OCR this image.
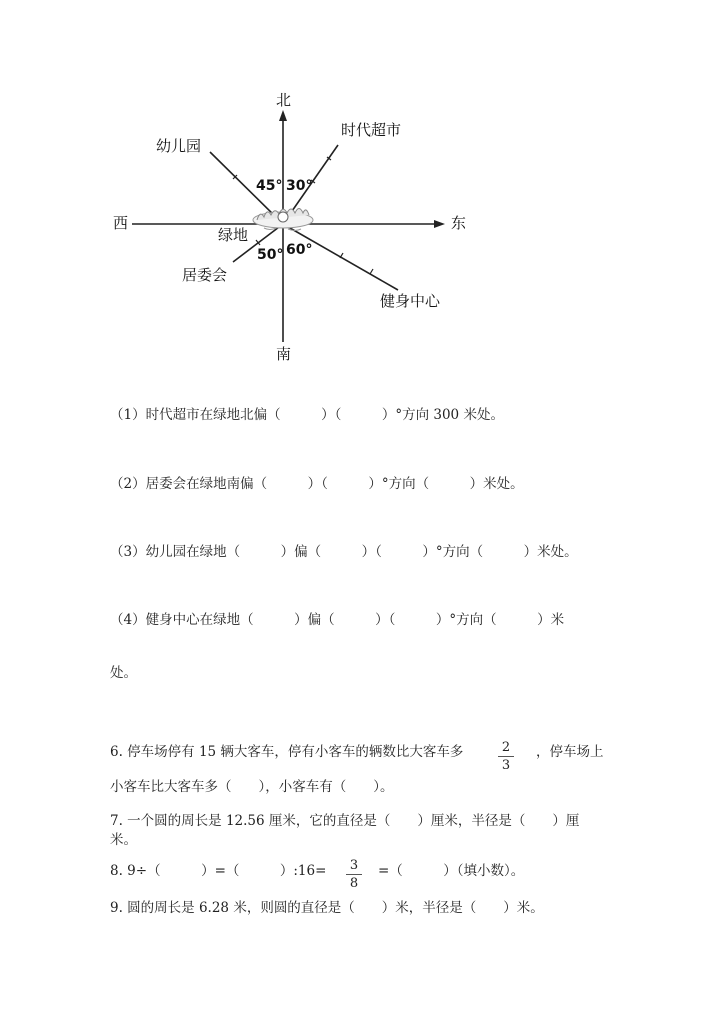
北
南
西	东
绿地
幼儿园
时代超市
居委会
健身中心
45° 30°
50° 60°
（1）时代超市在绿地北偏（　　　）（　　　）°方向 300 米处。
（2）居委会在绿地南偏（　　　）（　　　）°方向（　　　）米处。
（3）幼儿园在绿地（　　　）偏（　　　）（　　　）°方向（　　　）米处。
（4）健身中心在绿地（　　　）偏（　　　）（　　　）°方向（　　　）米
处。
6. 停车场停有 15 辆大客车，停有小客车的辆数比大客车多	2
3
，停车场上
小客车比大客车多（　　），小客车有（　　）。
7. 一个圆的周长是 12.56 厘米，它的直径是（　　）厘米，半径是（　　）厘
米。
8. 9÷（　　　）=（　　　）:16= 3
8
=（　　　）（填小数）。
9. 圆的周长是 6.28 米，则圆的直径是（　　）米，半径是（　　）米。
